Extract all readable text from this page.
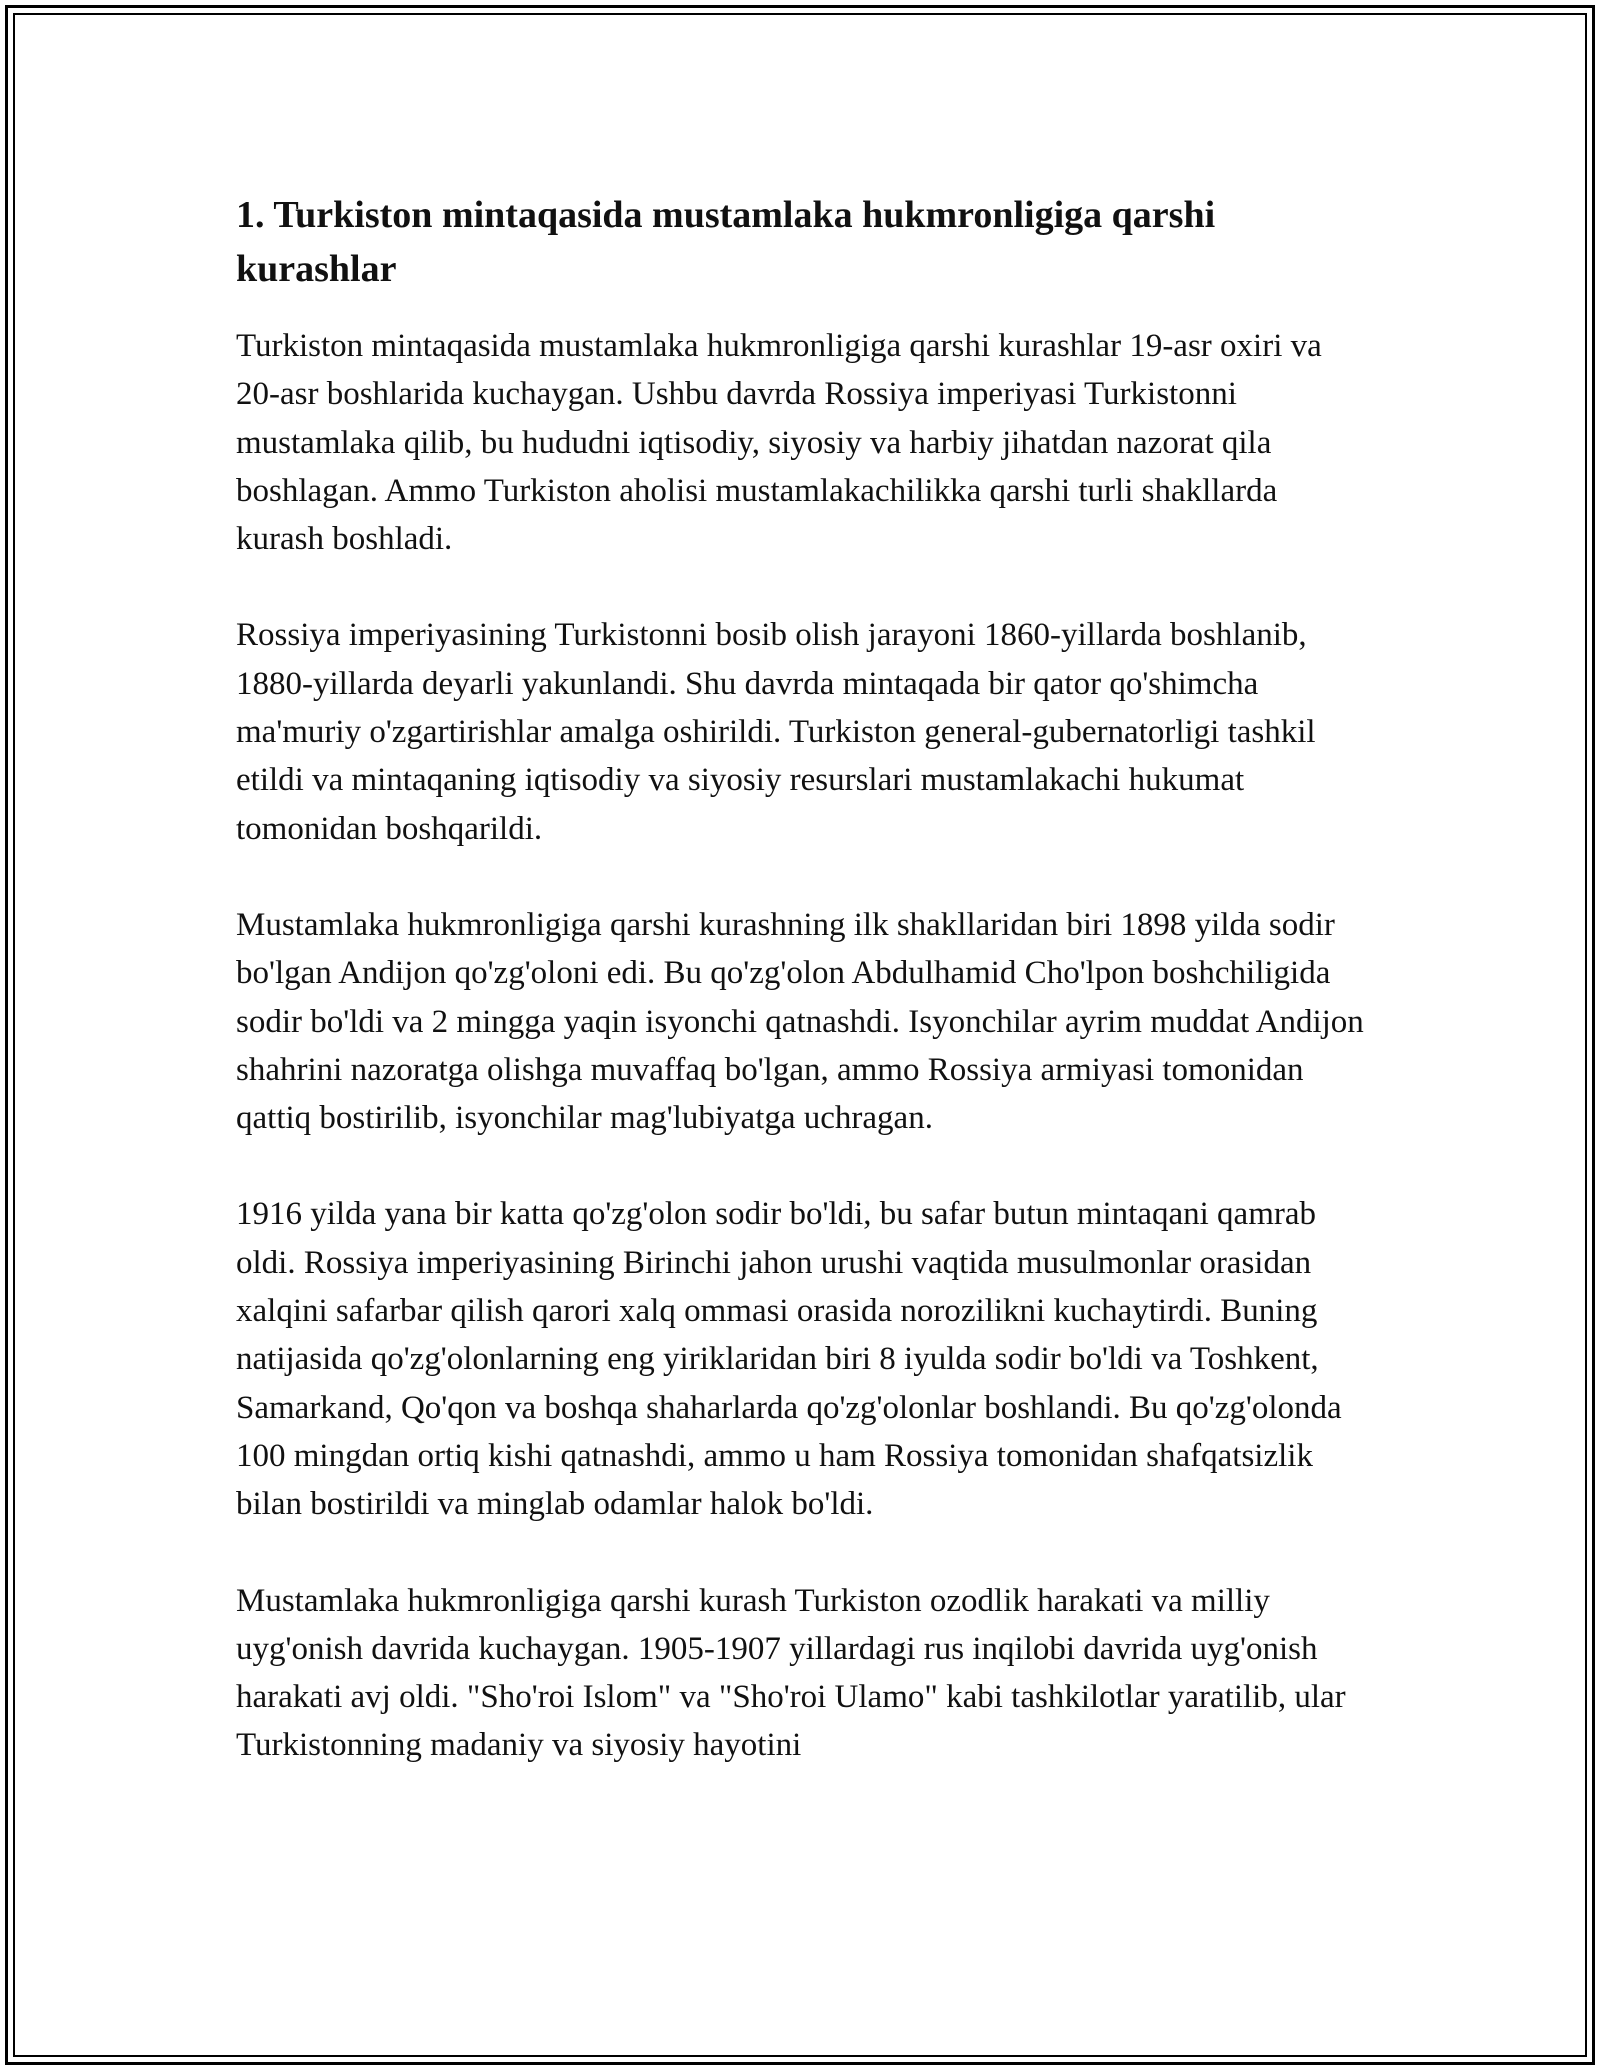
1. Turkiston mintaqasida mustamlaka hukmronligiga qarshi kurashlar

Turkiston mintaqasida mustamlaka hukmronligiga qarshi kurashlar 19-asr oxiri va 20-asr boshlarida kuchaygan. Ushbu davrda Rossiya imperiyasi Turkistonni mustamlaka qilib, bu hududni iqtisodiy, siyosiy va harbiy jihatdan nazorat qila boshlagan. Ammo Turkiston aholisi mustamlakachilikka qarshi turli shakllarda kurash boshladi.

Rossiya imperiyasining Turkistonni bosib olish jarayoni 1860-yillarda boshlanib, 1880-yillarda deyarli yakunlandi. Shu davrda mintaqada bir qator qo'shimcha ma'muriy o'zgartirishlar amalga oshirildi. Turkiston general-gubernatorligi tashkil etildi va mintaqaning iqtisodiy va siyosiy resurslari mustamlakachi hukumat tomonidan boshqarildi.

Mustamlaka hukmronligiga qarshi kurashning ilk shakllaridan biri 1898 yilda sodir bo'lgan Andijon qo'zg'oloni edi. Bu qo'zg'olon Abdulhamid Cho'lpon boshchiligida sodir bo'ldi va 2 mingga yaqin isyonchi qatnashdi. Isyonchilar ayrim muddat Andijon shahrini nazoratga olishga muvaffaq bo'lgan, ammo Rossiya armiyasi tomonidan qattiq bostirilib, isyonchilar mag'lubiyatga uchragan.

1916 yilda yana bir katta qo'zg'olon sodir bo'ldi, bu safar butun mintaqani qamrab oldi. Rossiya imperiyasining Birinchi jahon urushi vaqtida musulmonlar orasidan xalqini safarbar qilish qarori xalq ommasi orasida norozilikni kuchaytirdi. Buning natijasida qo'zg'olonlarning eng yiriklaridan biri 8 iyulda sodir bo'ldi va Toshkent, Samarkand, Qo'qon va boshqa shaharlarda qo'zg'olonlar boshlandi. Bu qo'zg'olonda 100 mingdan ortiq kishi qatnashdi, ammo u ham Rossiya tomonidan shafqatsizlik bilan bostirildi va minglab odamlar halok bo'ldi.

Mustamlaka hukmronligiga qarshi kurash Turkiston ozodlik harakati va milliy uyg'onish davrida kuchaygan. 1905-1907 yillardagi rus inqilobi davrida uyg'onish harakati avj oldi. "Sho'roi Islom" va "Sho'roi Ulamo" kabi tashkilotlar yaratilib, ular Turkistonning madaniy va siyosiy hayotini
